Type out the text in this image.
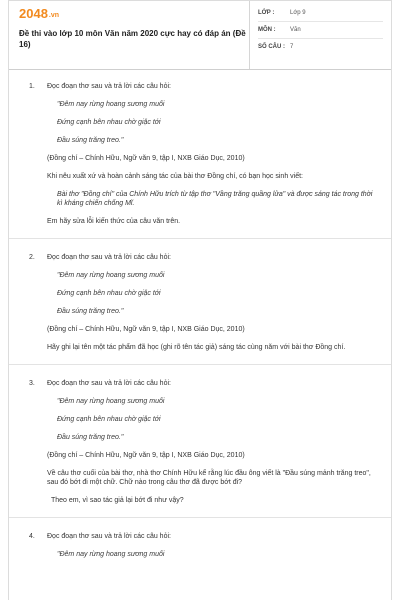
2048.vn
Đề thi vào lớp 10 môn Văn năm 2020 cực hay có đáp án (Đề 16)
LỚP :	Lớp 9
MÔN :	Văn
SỐ CÂU : 7
1. Đọc đoạn thơ sau và trả lời các câu hỏi:
"Đêm nay rừng hoang sương muối
Đứng cạnh bên nhau chờ giặc tới
Đầu súng trăng treo."
(Đồng chí – Chính Hữu, Ngữ văn 9, tập I, NXB Giáo Dục, 2010)
Khi nêu xuất xứ và hoàn cảnh sáng tác của bài thơ Đồng chí, có bạn học sinh viết:
Bài thơ "Đồng chí" của Chính Hữu trích từ tập thơ "Vầng trăng quầng lửa" và được sáng tác trong thời kì kháng chiến chống Mĩ.
Em hãy sửa lỗi kiến thức của câu văn trên.
2. Đọc đoạn thơ sau và trả lời các câu hỏi:
"Đêm nay rừng hoang sương muối
Đứng cạnh bên nhau chờ giặc tới
Đầu súng trăng treo."
(Đồng chí – Chính Hữu, Ngữ văn 9, tập I, NXB Giáo Dục, 2010)
Hãy ghi lại tên một tác phẩm đã học (ghi rõ tên tác giả) sáng tác cùng năm với bài thơ Đồng chí.
3. Đọc đoạn thơ sau và trả lời các câu hỏi:
"Đêm nay rừng hoang sương muối
Đứng cạnh bên nhau chờ giặc tới
Đầu súng trăng treo."
(Đồng chí – Chính Hữu, Ngữ văn 9, tập I, NXB Giáo Dục, 2010)
Về câu thơ cuối của bài thơ, nhà thơ Chính Hữu kể rằng lúc đầu ông viết là "Đầu súng mảnh trăng treo", sau đó bớt đi một chữ. Chữ nào trong câu thơ đã được bớt đi?
Theo em, vì sao tác giả lại bớt đi như vậy?
4. Đọc đoạn thơ sau và trả lời các câu hỏi:
"Đêm nay rừng hoang sương muối
